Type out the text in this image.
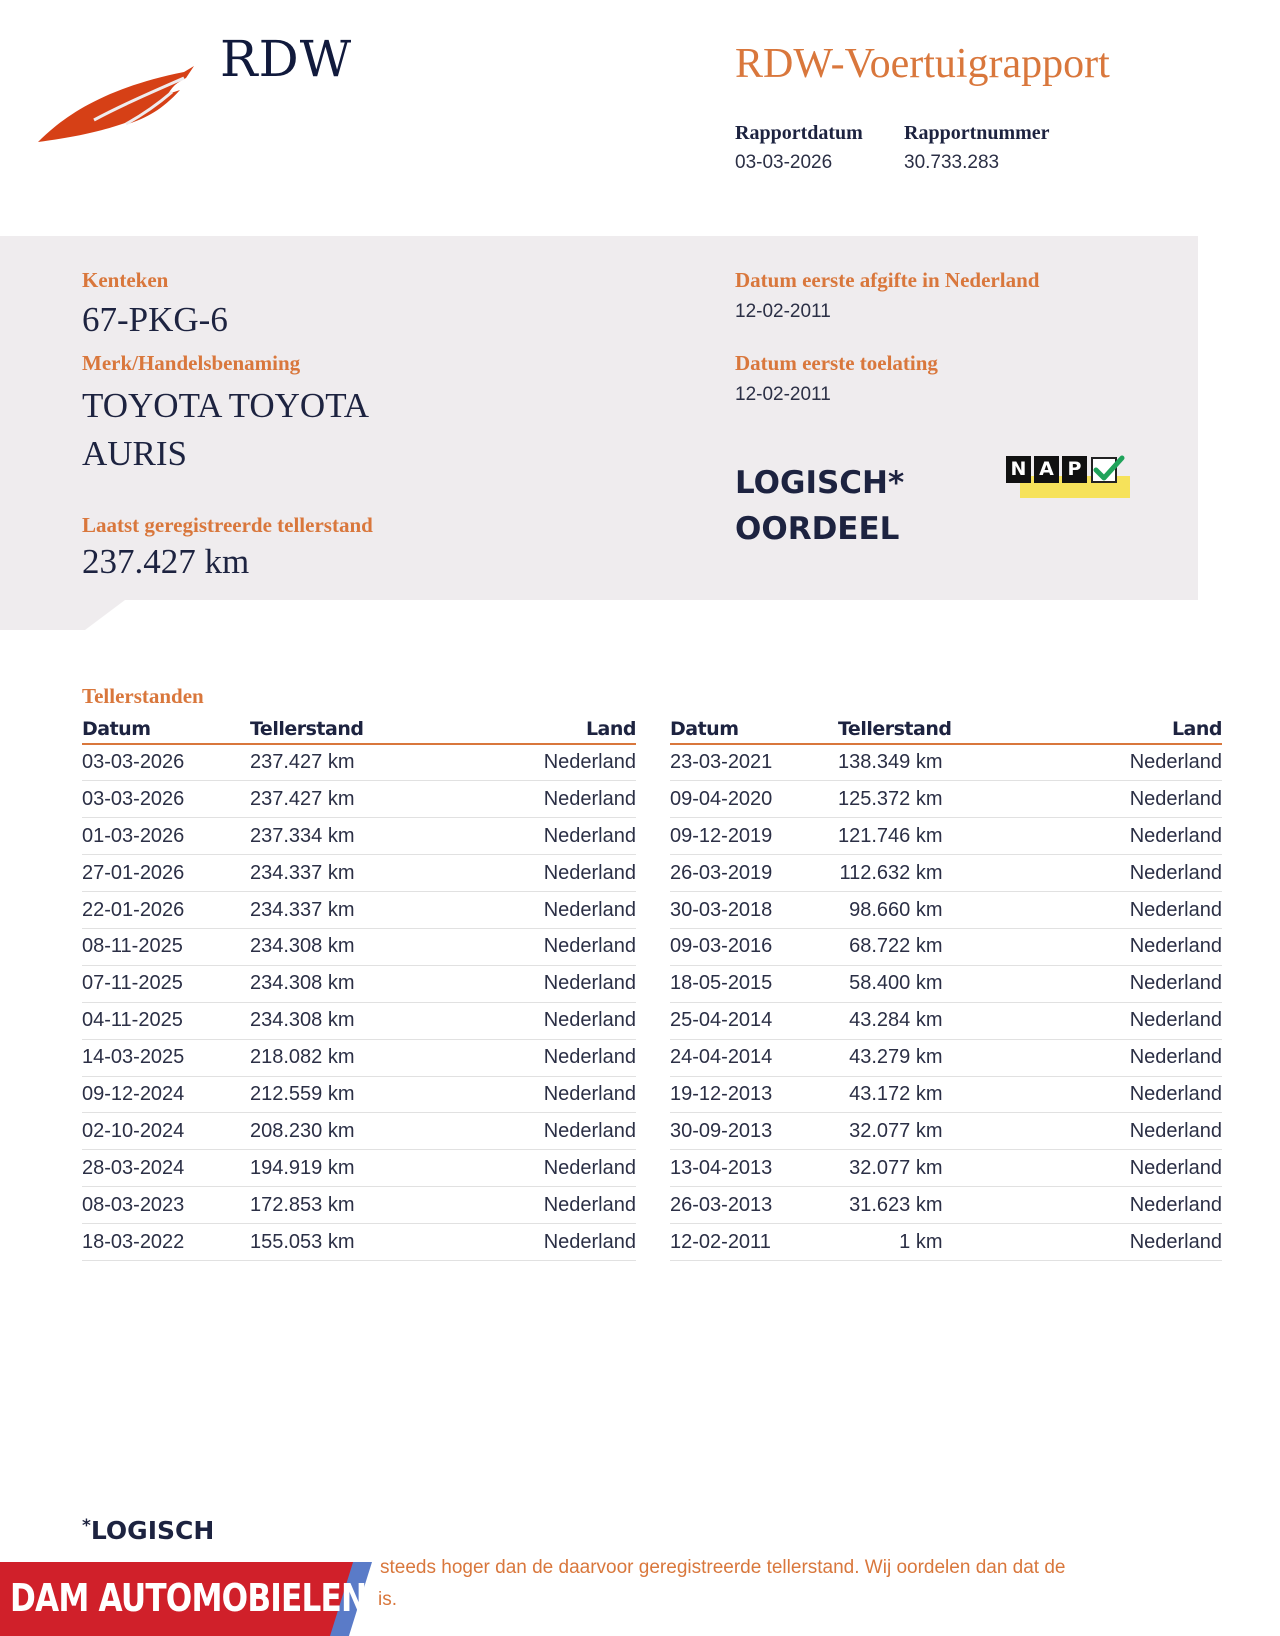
RDW	RDW-Voertuigrapport
Rapportdatum
03-03-2026
Rapportnummer
30.733.283
Kenteken
67-PKG-6
Merk/Handelsbenaming
TOYOTA TOYOTA
AURIS
Laatst geregistreerde tellerstand
237.427 km
Datum eerste afgifte in Nederland
12-02-2011
Datum eerste toelating
12-02-2011
LOGISCH*
OORDEEL
N A P
Tellerstanden
Datum	Tellerstand	Land
03-03-2026	237.427 km	Nederland
03-03-2026	237.427 km	Nederland
01-03-2026	237.334 km	Nederland
27-01-2026	234.337 km	Nederland
22-01-2026	234.337 km	Nederland
08-11-2025	234.308 km	Nederland
07-11-2025	234.308 km	Nederland
04-11-2025	234.308 km	Nederland
14-03-2025	218.082 km	Nederland
09-12-2024	212.559 km	Nederland
02-10-2024	208.230 km	Nederland
28-03-2024	194.919 km	Nederland
08-03-2023	172.853 km	Nederland
18-03-2022	155.053 km	Nederland
Datum	Tellerstand	Land
23-03-2021	138.349 km	Nederland
09-04-2020	125.372 km	Nederland
09-12-2019	121.746 km	Nederland
26-03-2019	112.632 km	Nederland
30-03-2018	98.660 km	Nederland
09-03-2016	68.722 km	Nederland
18-05-2015	58.400 km	Nederland
25-04-2014	43.284 km	Nederland
24-04-2014	43.279 km	Nederland
19-12-2013	43.172 km	Nederland
30-09-2013	32.077 km	Nederland
13-04-2013	32.077 km	Nederland
26-03-2013	31.623 km	Nederland
12-02-2011	1 km	Nederland
*LOGISCH
steeds hoger dan de daarvoor geregistreerde tellerstand. Wij oordelen dan dat de
is.
DAM AUTOMOBIELEN
